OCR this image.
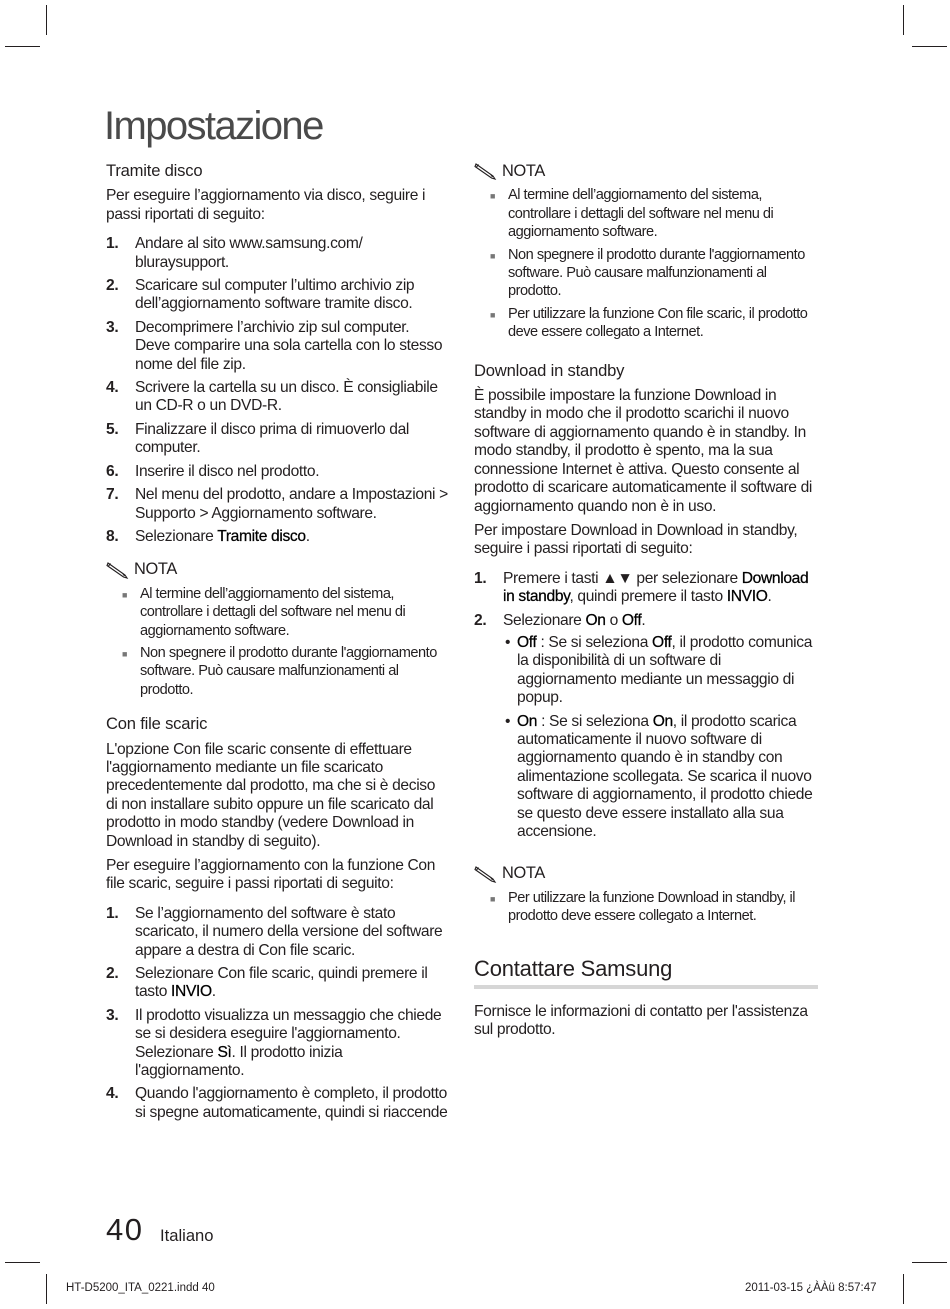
Impostazione
Tramite disco

Per eseguire l’aggiornamento via disco, seguire i passi riportati di seguito:

1.	Andare al sito www.samsung.com/ bluraysupport.
2.	Scaricare sul computer l’ultimo archivio zip dell’aggiornamento software tramite disco.
3.	Decomprimere l’archivio zip sul computer. Deve comparire una sola cartella con lo stesso nome del file zip.
4.	Scrivere la cartella su un disco. È consigliabile un CD-R o un DVD-R.
5.	Finalizzare il disco prima di rimuoverlo dal computer.
6.	Inserire il disco nel prodotto.
7.	Nel menu del prodotto, andare a Impostazioni > Supporto > Aggiornamento software.
8.	Selezionare Tramite disco.
NOTA
■ Al termine dell’aggiornamento del sistema, controllare i dettagli del software nel menu di aggiornamento software.
■ Non spegnere il prodotto durante l'aggiornamento software. Può causare malfunzionamenti al prodotto.
Con file scaric

L'opzione Con file scaric consente di effettuare l'aggiornamento mediante un file scaricato precedentemente dal prodotto, ma che si è deciso di non installare subito oppure un file scaricato dal prodotto in modo standby (vedere Download in Download in standby di seguito).

Per eseguire l’aggiornamento con la funzione Con file scaric, seguire i passi riportati di seguito:

1.	Se l’aggiornamento del software è stato scaricato, il numero della versione del software appare a destra di Con file scaric.
2.	Selezionare Con file scaric, quindi premere il tasto INVIO.
3.	Il prodotto visualizza un messaggio che chiede se si desidera eseguire l'aggiornamento. Selezionare Sì. Il prodotto inizia l'aggiornamento.
4.	Quando l'aggiornamento è completo, il prodotto si spegne automaticamente, quindi si riaccende
NOTA
■ Al termine dell’aggiornamento del sistema, controllare i dettagli del software nel menu di aggiornamento software.
■ Non spegnere il prodotto durante l'aggiornamento software. Può causare malfunzionamenti al prodotto.
■ Per utilizzare la funzione Con file scaric, il prodotto deve essere collegato a Internet.
Download in standby

È possibile impostare la funzione Download in standby in modo che il prodotto scarichi il nuovo software di aggiornamento quando è in standby. In modo standby, il prodotto è spento, ma la sua connessione Internet è attiva. Questo consente al prodotto di scaricare automaticamente il software di aggiornamento quando non è in uso.

Per impostare Download in Download in standby, seguire i passi riportati di seguito:

1.	Premere i tasti ▲▼ per selezionare Download in standby, quindi premere il tasto INVIO.
2.	Selezionare On o Off.
• Off : Se si seleziona Off, il prodotto comunica la disponibilità di un software di aggiornamento mediante un messaggio di popup.
• On : Se si seleziona On, il prodotto scarica automaticamente il nuovo software di aggiornamento quando è in standby con alimentazione scollegata. Se scarica il nuovo software di aggiornamento, il prodotto chiede se questo deve essere installato alla sua accensione.
NOTA
■ Per utilizzare la funzione Download in standby, il prodotto deve essere collegato a Internet.
Contattare Samsung

Fornisce le informazioni di contatto per l'assistenza sul prodotto.

40 Italiano
HT-D5200_ITA_0221.indd 40	2011-03-15 ¿ÀÀü 8:57:47
